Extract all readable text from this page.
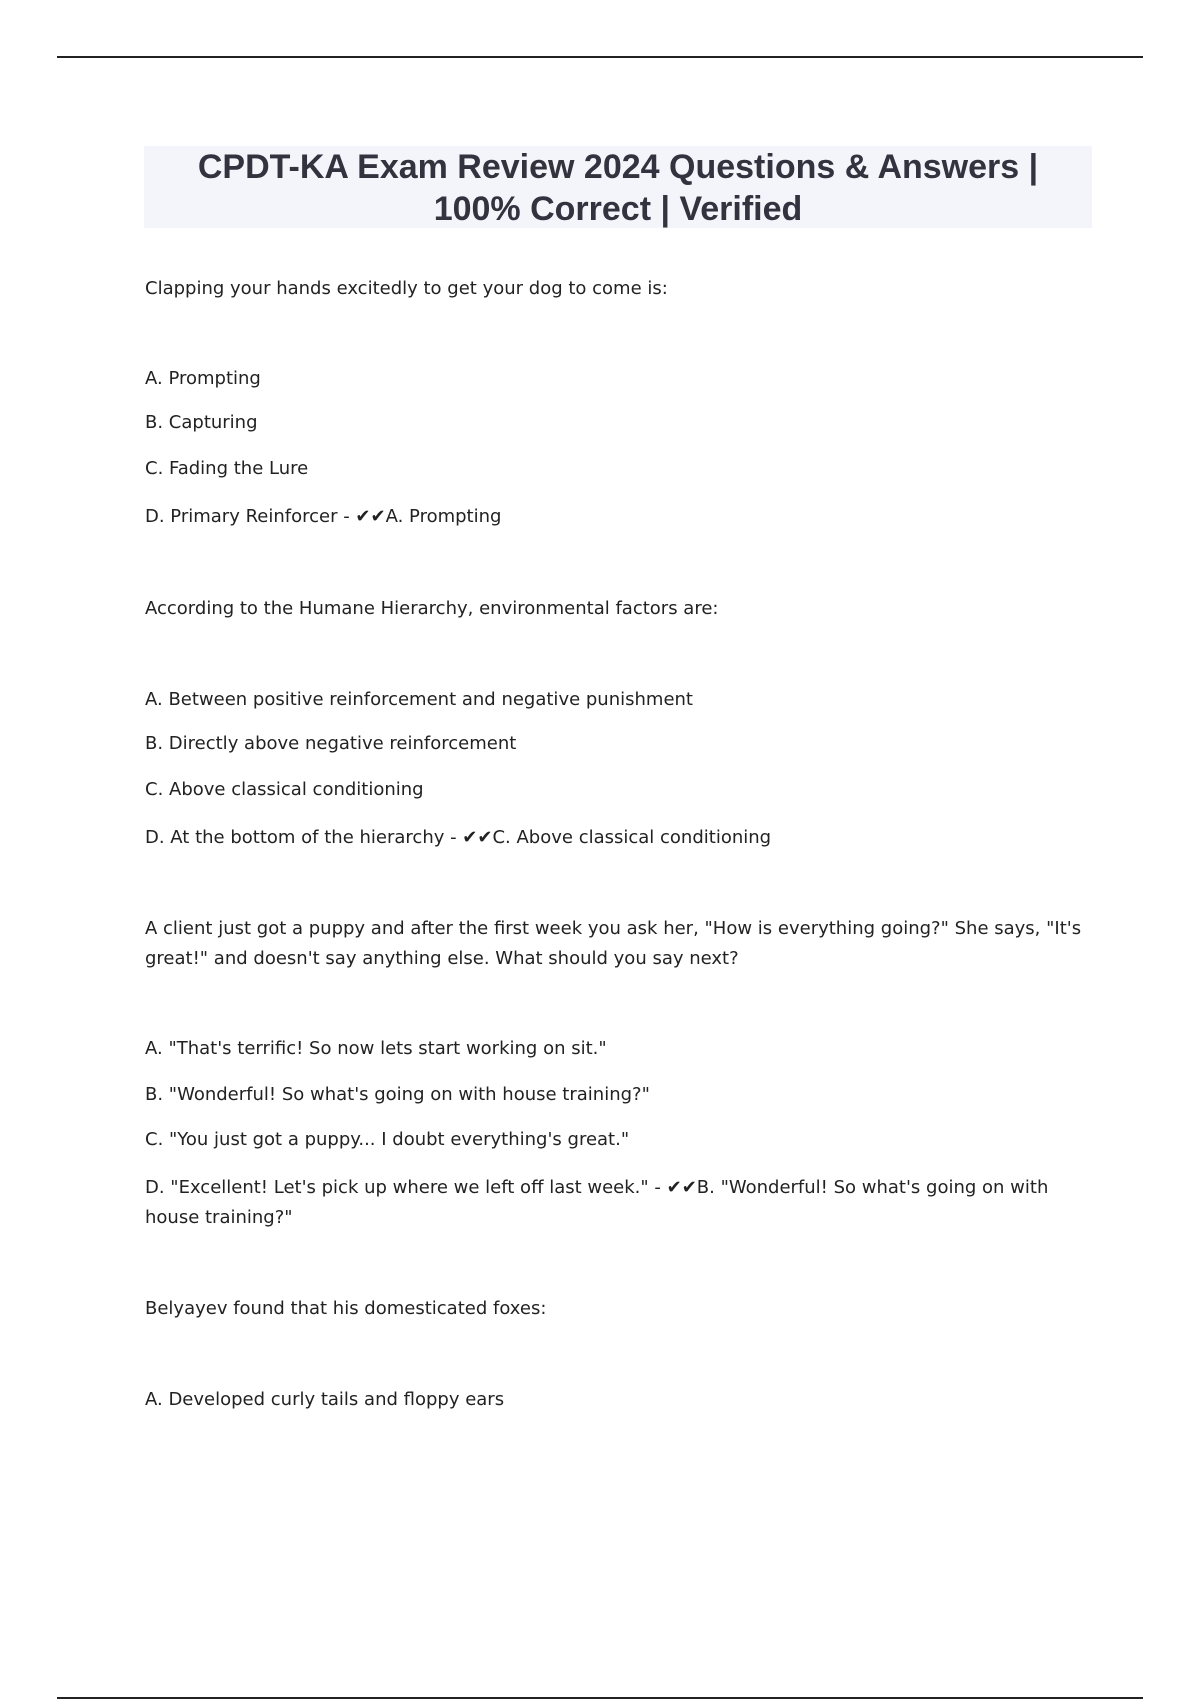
CPDT-KA Exam Review 2024 Questions & Answers |
100% Correct | Verified
Clapping your hands excitedly to get your dog to come is:
A. Prompting
B. Capturing
C. Fading the Lure
D. Primary Reinforcer - ✔✔A. Prompting
According to the Humane Hierarchy, environmental factors are:
A. Between positive reinforcement and negative punishment
B. Directly above negative reinforcement
C. Above classical conditioning
D. At the bottom of the hierarchy - ✔✔C. Above classical conditioning
A client just got a puppy and after the first week you ask her, "How is everything going?" She says, "It's
great!" and doesn't say anything else. What should you say next?
A. "That's terrific! So now lets start working on sit."
B. "Wonderful! So what's going on with house training?"
C. "You just got a puppy... I doubt everything's great."
D. "Excellent! Let's pick up where we left off last week." - ✔✔B. "Wonderful! So what's going on with
house training?"
Belyayev found that his domesticated foxes:
A. Developed curly tails and floppy ears
